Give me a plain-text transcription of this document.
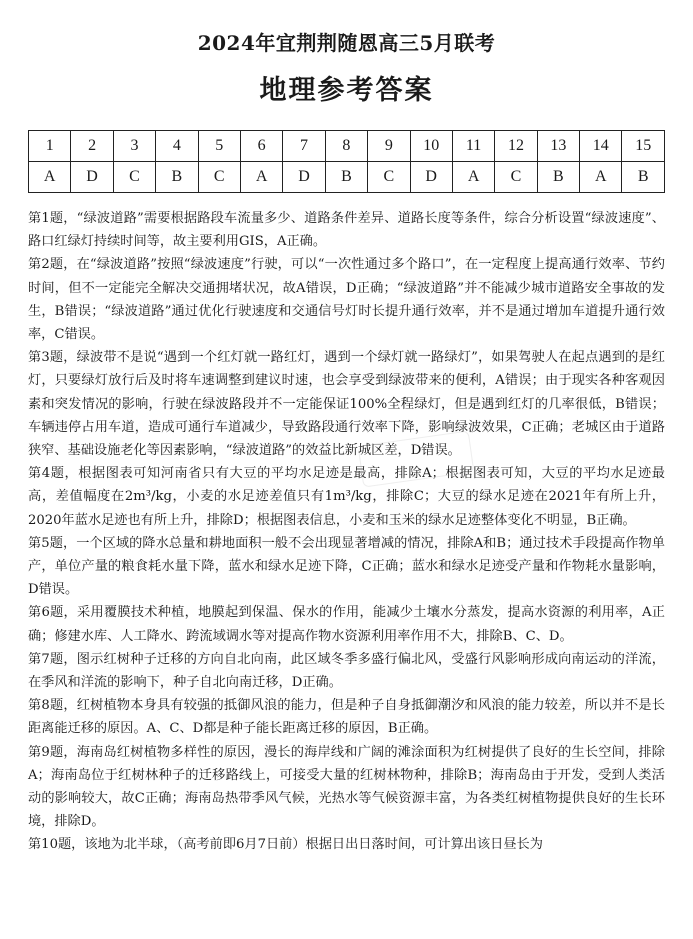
2024年宜荆荆随恩高三5月联考
地理参考答案
1	2	3	4	5	6	7	8	9	10	11	12	13	14	15
A	D	C	B	C	A	D	B	C	D	A	C	B	A	B

第1题，“绿波道路”需要根据路段车流量多少、道路条件差异、道路长度等条件，综合分析设置“绿波速度”、路口红绿灯持续时间等，故主要利用GIS，A正确。

第2题，在“绿波道路”按照“绿波速度”行驶，可以“一次性通过多个路口”，在一定程度上提高通行效率、节约时间，但不一定能完全解决交通拥堵状况，故A错误，D正确；“绿波道路”并不能减少城市道路安全事故的发生，B错误；“绿波道路”通过优化行驶速度和交通信号灯时长提升通行效率，并不是通过增加车道提升通行效率，C错误。

第3题，绿波带不是说“遇到一个红灯就一路红灯，遇到一个绿灯就一路绿灯”，如果驾驶人在起点遇到的是红灯，只要绿灯放行后及时将车速调整到建议时速，也会享受到绿波带来的便利，A错误；由于现实各种客观因素和突发情况的影响，行驶在绿波路段并不一定能保证100%全程绿灯，但是遇到红灯的几率很低，B错误；车辆违停占用车道，造成可通行车道减少，导致路段通行效率下降，影响绿波效果，C正确；老城区由于道路狭窄、基础设施老化等因素影响，“绿波道路”的效益比新城区差，D错误。

第4题，根据图表可知河南省只有大豆的平均水足迹是最高，排除A；根据图表可知，大豆的平均水足迹最高，差值幅度在2m³/kg，小麦的水足迹差值只有1m³/kg，排除C；大豆的绿水足迹在2021年有所上升，2020年蓝水足迹也有所上升，排除D；根据图表信息，小麦和玉米的绿水足迹整体变化不明显，B正确。

第5题，一个区域的降水总量和耕地面积一般不会出现显著增减的情况，排除A和B；通过技术手段提高作物单产，单位产量的粮食耗水量下降，蓝水和绿水足迹下降，C正确；蓝水和绿水足迹受产量和作物耗水量影响，D错误。

第6题，采用覆膜技术种植，地膜起到保温、保水的作用，能减少土壤水分蒸发，提高水资源的利用率，A正确；修建水库、人工降水、跨流域调水等对提高作物水资源利用率作用不大，排除B、C、D。

第7题，图示红树种子迁移的方向自北向南，此区域冬季多盛行偏北风，受盛行风影响形成向南运动的洋流，在季风和洋流的影响下，种子自北向南迁移，D正确。

第8题，红树植物本身具有较强的抵御风浪的能力，但是种子自身抵御潮汐和风浪的能力较差，所以并不是长距离能迁移的原因。A、C、D都是种子能长距离迁移的原因，B正确。

第9题，海南岛红树植物多样性的原因，漫长的海岸线和广阔的滩涂面积为红树提供了良好的生长空间，排除A；海南岛位于红树林种子的迁移路线上，可接受大量的红树林物种，排除B；海南岛由于开发，受到人类活动的影响较大，故C正确；海南岛热带季风气候，光热水等气候资源丰富，为各类红树植物提供良好的生长环境，排除D。

第10题，该地为北半球，（高考前即6月7日前）根据日出日落时间，可计算出该日昼长为
